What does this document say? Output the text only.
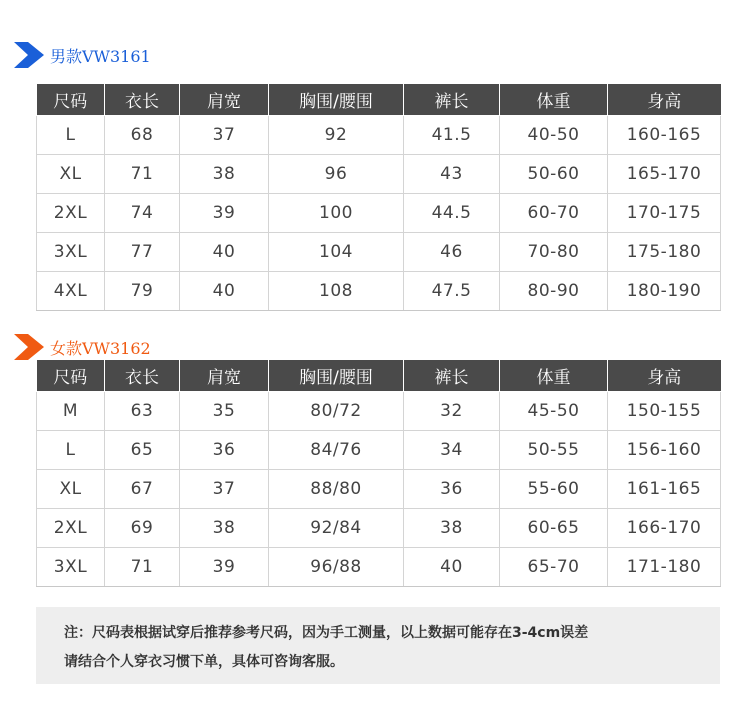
男款VW3161
尺码	衣长	肩宽	胸围/腰围	裤长	体重	身高
L	68	37	92	41.5	40-50	160-165
XL	71	38	96	43	50-60	165-170
2XL	74	39	100	44.5	60-70	170-175
3XL	77	40	104	46	70-80	175-180
4XL	79	40	108	47.5	80-90	180-190
女款VW3162
尺码	衣长	肩宽	胸围/腰围	裤长	体重	身高
M	63	35	80/72	32	45-50	150-155
L	65	36	84/76	34	50-55	156-160
XL	67	37	88/80	36	55-60	161-165
2XL	69	38	92/84	38	60-65	166-170
3XL	71	39	96/88	40	65-70	171-180
注：尺码表根据试穿后推荐参考尺码，因为手工测量，以上数据可能存在3-4cm误差
请结合个人穿衣习惯下单，具体可咨询客服。
